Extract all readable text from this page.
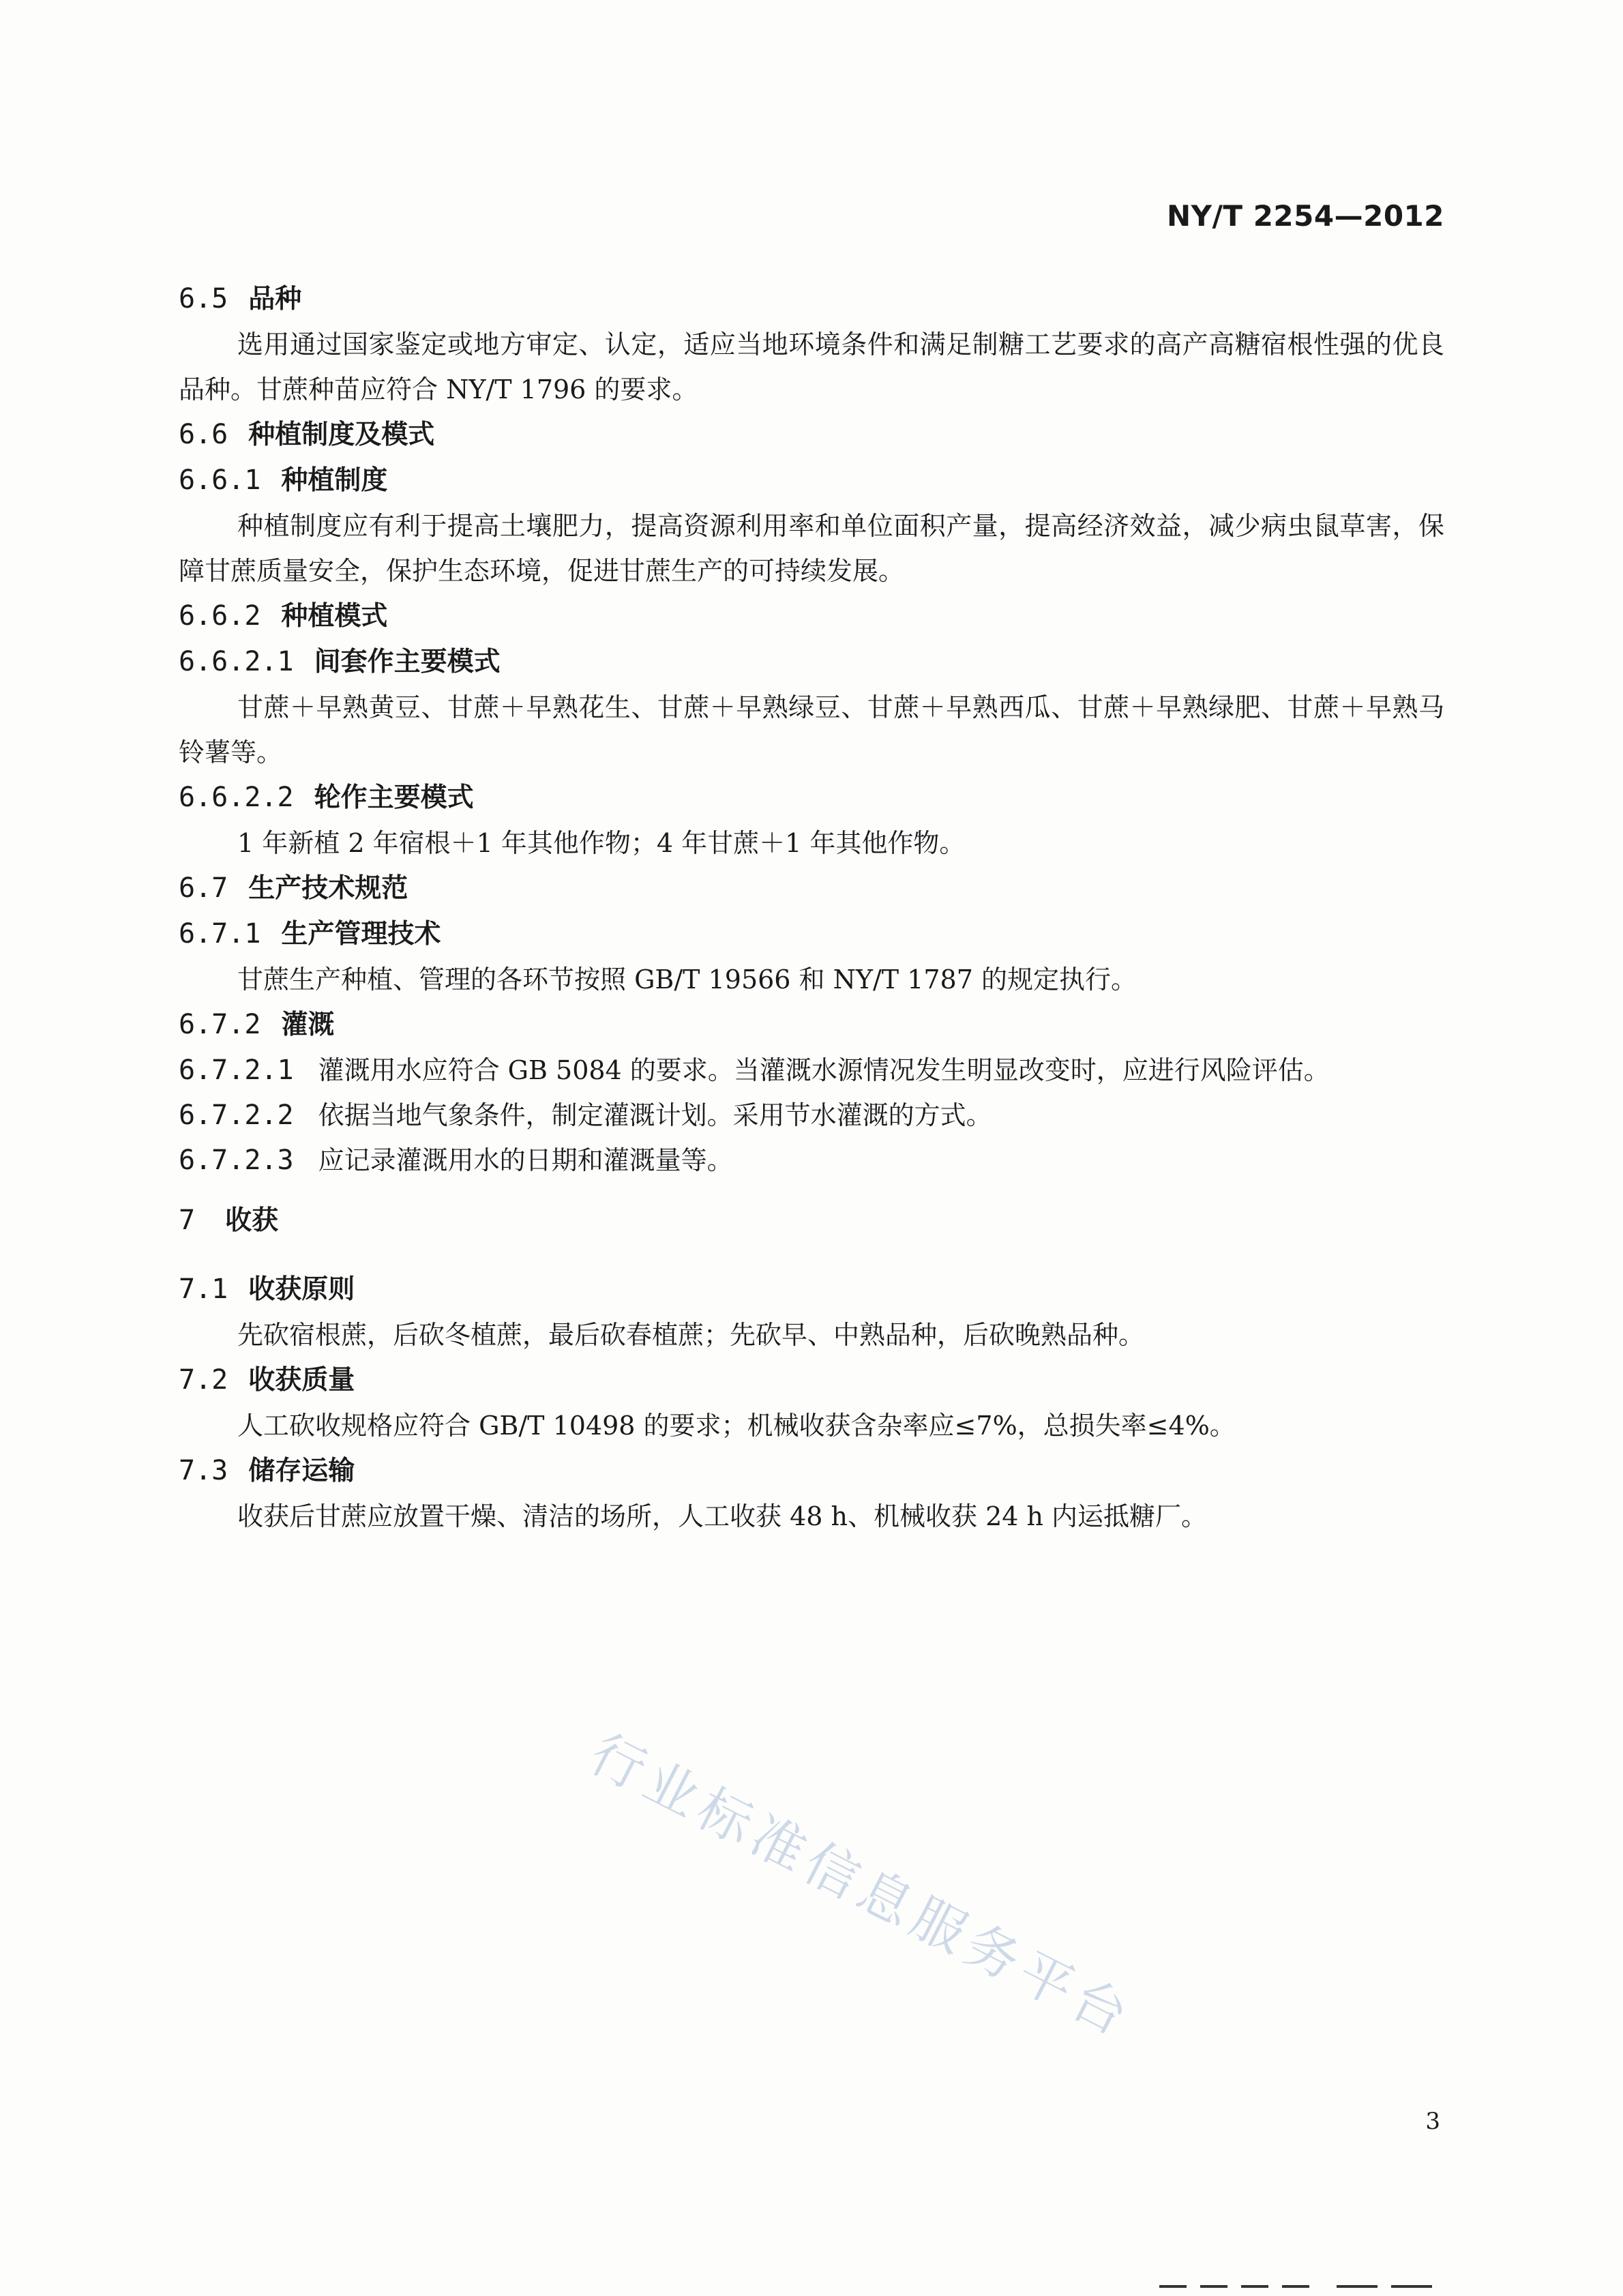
NY/T 2254—2012
6.5 品种
选用通过国家鉴定或地方审定、认定，适应当地环境条件和满足制糖工艺要求的高产高糖宿根性强的优良品种。甘蔗种苗应符合 NY/T 1796 的要求。
6.6 种植制度及模式
6.6.1 种植制度
种植制度应有利于提高土壤肥力，提高资源利用率和单位面积产量，提高经济效益，减少病虫鼠草害，保障甘蔗质量安全，保护生态环境，促进甘蔗生产的可持续发展。
6.6.2 种植模式
6.6.2.1 间套作主要模式
甘蔗＋早熟黄豆、甘蔗＋早熟花生、甘蔗＋早熟绿豆、甘蔗＋早熟西瓜、甘蔗＋早熟绿肥、甘蔗＋早熟马铃薯等。
6.6.2.2 轮作主要模式
1 年新植 2 年宿根＋1 年其他作物；4 年甘蔗＋1 年其他作物。
6.7 生产技术规范
6.7.1 生产管理技术
甘蔗生产种植、管理的各环节按照 GB/T 19566 和 NY/T 1787 的规定执行。
6.7.2 灌溉
6.7.2.1 灌溉用水应符合 GB 5084 的要求。当灌溉水源情况发生明显改变时，应进行风险评估。
6.7.2.2 依据当地气象条件，制定灌溉计划。采用节水灌溉的方式。
6.7.2.3 应记录灌溉用水的日期和灌溉量等。
7 收获
7.1 收获原则
先砍宿根蔗，后砍冬植蔗，最后砍春植蔗；先砍早、中熟品种，后砍晚熟品种。
7.2 收获质量
人工砍收规格应符合 GB/T 10498 的要求；机械收获含杂率应≤7%，总损失率≤4%。
7.3 储存运输
收获后甘蔗应放置干燥、清洁的场所，人工收获 48 h、机械收获 24 h 内运抵糖厂。
行业标准信息服务平台
3
